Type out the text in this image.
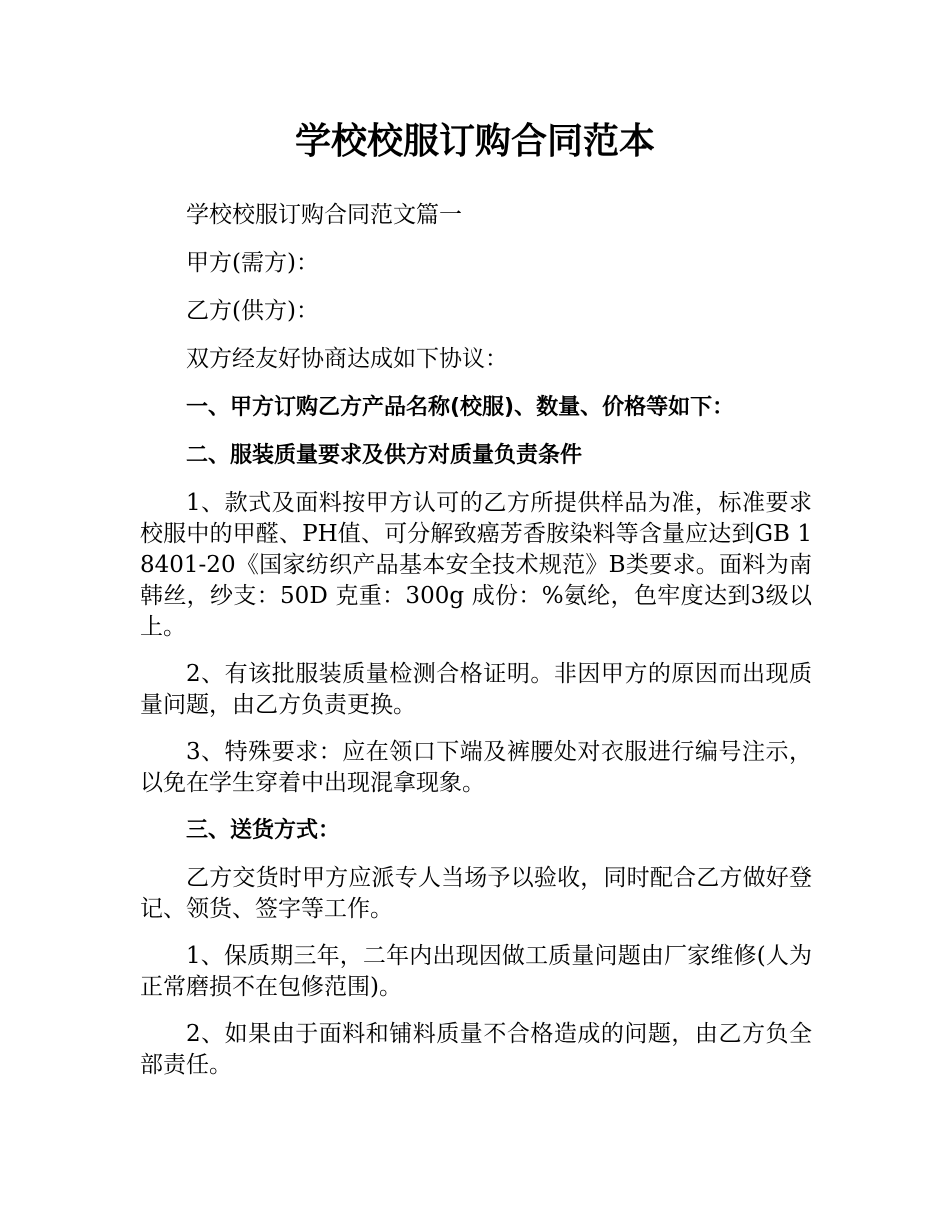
学校校服订购合同范本

学校校服订购合同范文篇一

甲方(需方)：

乙方(供方)：

双方经友好协商达成如下协议：

一、甲方订购乙方产品名称(校服)、数量、价格等如下：

二、服装质量要求及供方对质量负责条件

1、款式及面料按甲方认可的乙方所提供样品为准，标准要求校服中的甲醛、PH值、可分解致癌芳香胺染料等含量应达到GB 18401-20《国家纺织产品基本安全技术规范》B类要求。面料为南韩丝，纱支：50D 克重：300g 成份：%氨纶，色牢度达到3级以上。

2、有该批服装质量检测合格证明。非因甲方的原因而出现质量问题，由乙方负责更换。

3、特殊要求：应在领口下端及裤腰处对衣服进行编号注示，以免在学生穿着中出现混拿现象。

三、送货方式：

乙方交货时甲方应派专人当场予以验收，同时配合乙方做好登记、领货、签字等工作。

1、保质期三年，二年内出现因做工质量问题由厂家维修(人为正常磨损不在包修范围)。

2、如果由于面料和铺料质量不合格造成的问题，由乙方负全部责任。
